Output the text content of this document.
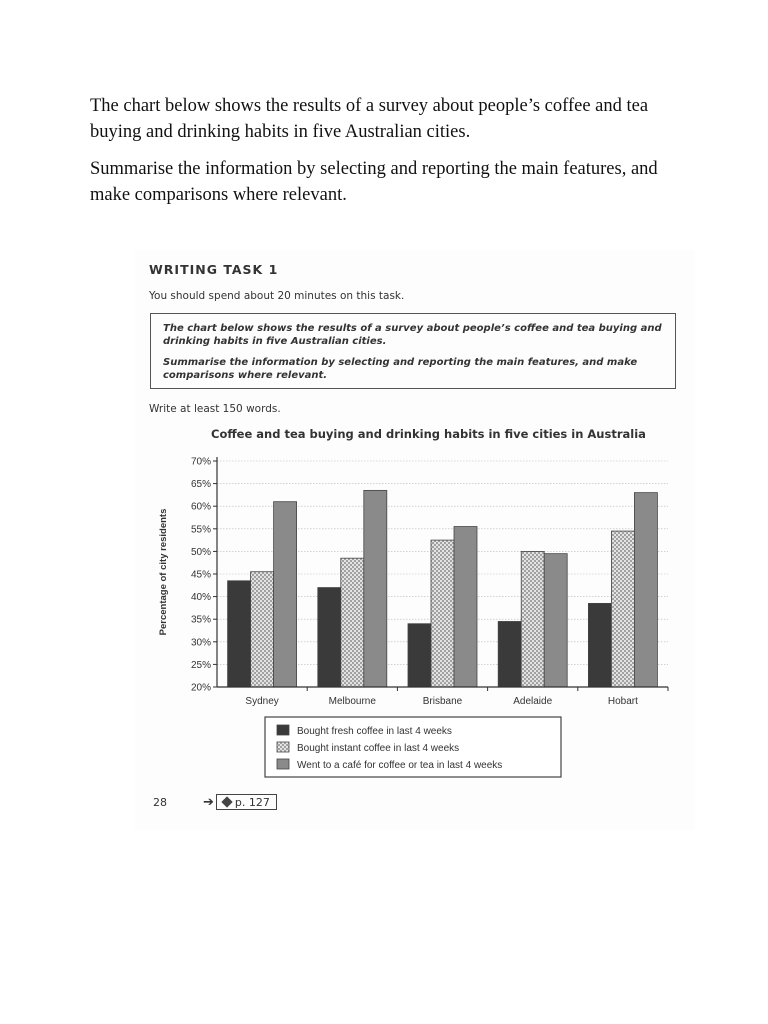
The chart below shows the results of a survey about people’s coffee and tea buying and drinking habits in five Australian cities.
Summarise the information by selecting and reporting the main features, and make comparisons where relevant.
WRITING TASK 1
You should spend about 20 minutes on this task.

The chart below shows the results of a survey about people’s coffee and tea buying and drinking habits in five Australian cities.

Summarise the information by selecting and reporting the main features, and make comparisons where relevant.

Write at least 150 words.
Coffee and tea buying and drinking habits in five cities in Australia
Percentage of city residents
20%
25%
30%
35%
40%
45%
50%
55%
60%
65%
70%
Sydney	Melbourne	Brisbane	Adelaide	Hobart
Bought fresh coffee in last 4 weeks
Bought instant coffee in last 4 weeks
Went to a café for coffee or tea in last 4 weeks
28	➔ p. 127
